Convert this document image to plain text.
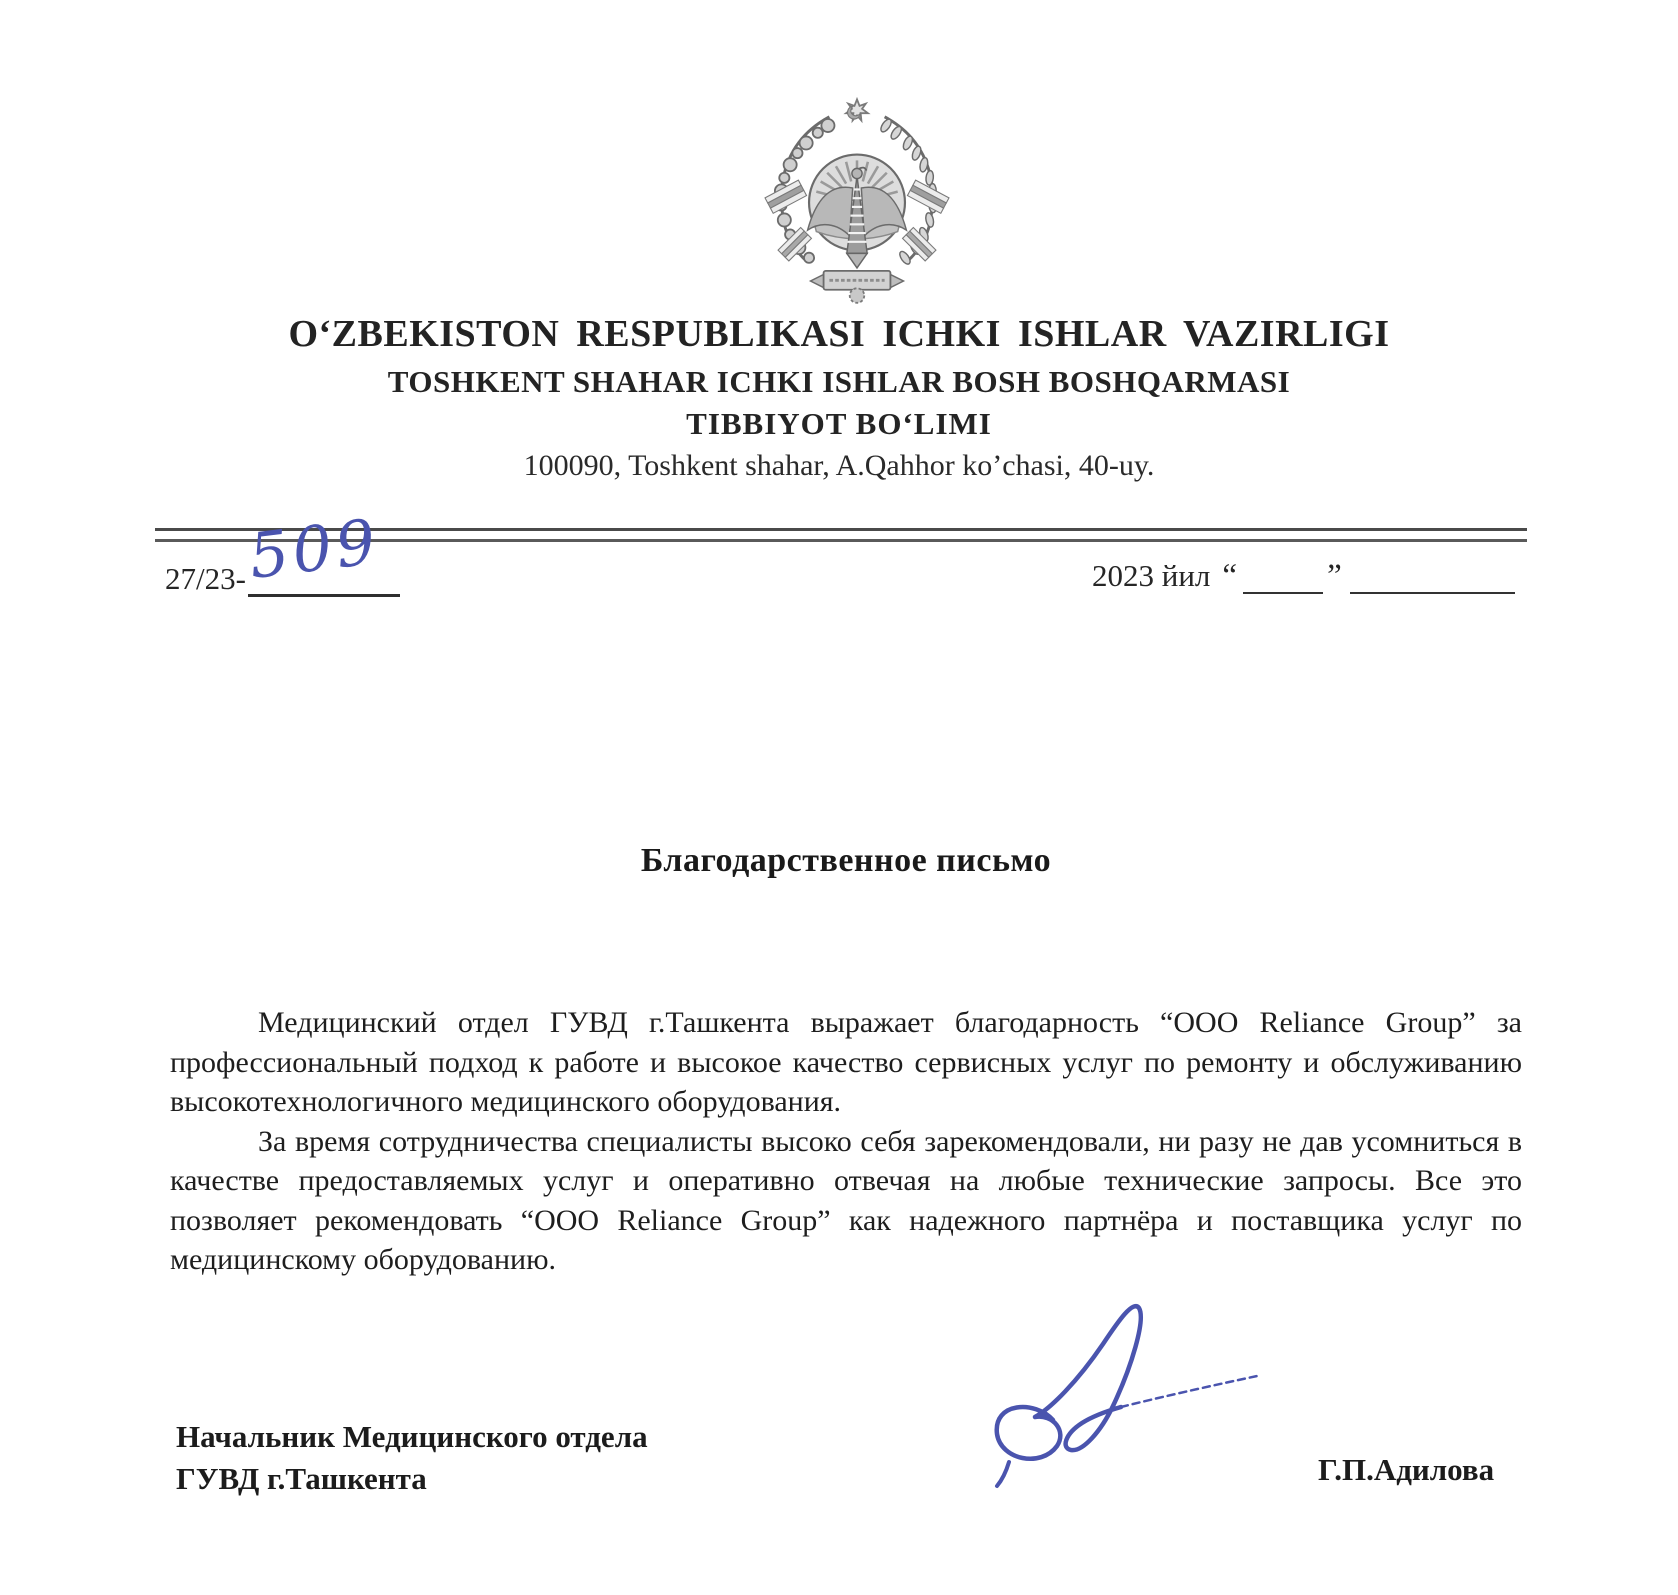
O‘ZBEKISTON RESPUBLIKASI ICHKI ISHLAR VAZIRLIGI
TOSHKENT SHAHAR ICHKI ISHLAR BOSH BOSHQARMASI
TIBBIYOT BO‘LIMI
100090, Toshkent shahar, A.Qahhor ko’chasi, 40-uy.
27/23- 509	2023 йил “	”
Благодарственное письмо

Медицинский отдел ГУВД г.Ташкента выражает благодарность “ООО Reliance Group” за профессиональный подход к работе и высокое качество сервисных услуг по ремонту и обслуживанию высокотехнологичного медицинского оборудования.

За время сотрудничества специалисты высоко себя зарекомендовали, ни разу не дав усомниться в качестве предоставляемых услуг и оперативно отвечая на любые технические запросы. Все это позволяет рекомендовать “ООО Reliance Group” как надежного партнёра и поставщика услуг по медицинскому оборудованию.

Начальник Медицинского отдела
ГУВД г.Ташкента	Г.П.Адилова
